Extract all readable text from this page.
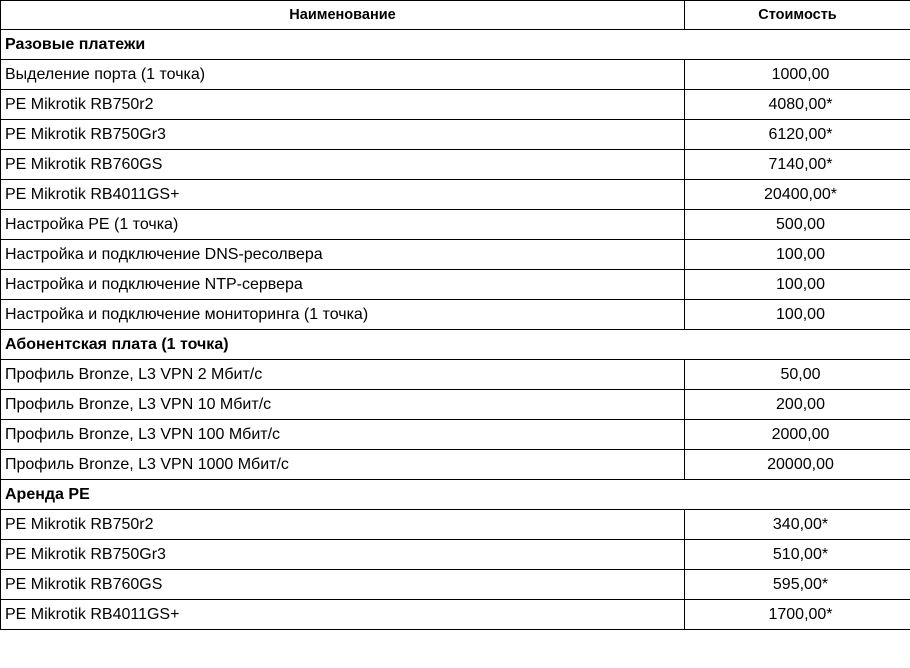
Наименование	Стоимость
Разовые платежи	
Выделение порта (1 точка)	1000,00
PE Mikrotik RB750r2	4080,00*
PE Mikrotik RB750Gr3	6120,00*
PE Mikrotik RB760GS	7140,00*
PE Mikrotik RB4011GS+	20400,00*
Настройка PE (1 точка)	500,00
Настройка и подключение DNS-ресолвера	100,00
Настройка и подключение NTP-сервера	100,00
Настройка и подключение мониторинга (1 точка)	100,00
Абонентская плата (1 точка)	
Профиль Bronze, L3 VPN 2 Мбит/с	50,00
Профиль Bronze, L3 VPN 10 Мбит/с	200,00
Профиль Bronze, L3 VPN 100 Мбит/с	2000,00
Профиль Bronze, L3 VPN 1000 Мбит/с	20000,00
Аренда PE	
PE Mikrotik RB750r2	340,00*
PE Mikrotik RB750Gr3	510,00*
PE Mikrotik RB760GS	595,00*
PE Mikrotik RB4011GS+	1700,00*
